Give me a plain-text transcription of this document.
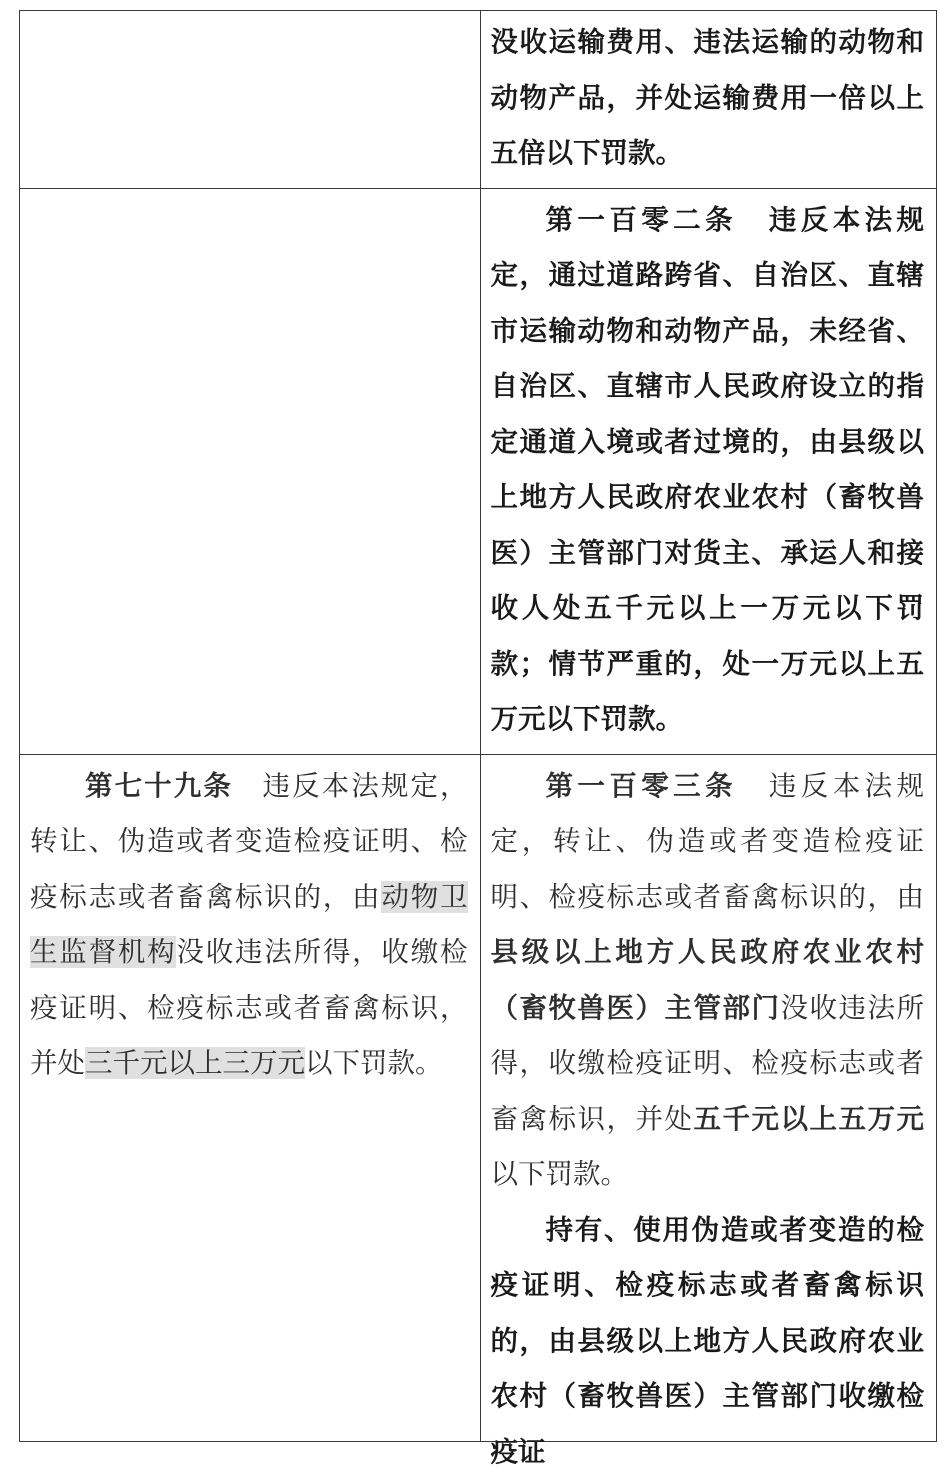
	没收运输费用、违法运输的动物和动物产品，并处运输费用一倍以上五倍以下罚款。

	第一百零二条  违反本法规定，通过道路跨省、自治区、直辖市运输动物和动物产品，未经省、自治区、直辖市人民政府设立的指定通道入境或者过境的，由县级以上地方人民政府农业农村（畜牧兽医）主管部门对货主、承运人和接收人处五千元以上一万元以下罚款；情节严重的，处一万元以上五万元以下罚款。

第七十九条  违反本法规定，转让、伪造或者变造检疫证明、检疫标志或者畜禽标识的，由动物卫生监督机构没收违法所得，收缴检疫证明、检疫标志或者畜禽标识，并处三千元以上三万元以下罚款。	第一百零三条  违反本法规定，转让、伪造或者变造检疫证明、检疫标志或者畜禽标识的，由县级以上地方人民政府农业农村（畜牧兽医）主管部门没收违法所得，收缴检疫证明、检疫标志或者畜禽标识，并处五千元以上五万元以下罚款。

持有、使用伪造或者变造的检疫证明、检疫标志或者畜禽标识的，由县级以上地方人民政府农业农村（畜牧兽医）主管部门收缴检疫证
